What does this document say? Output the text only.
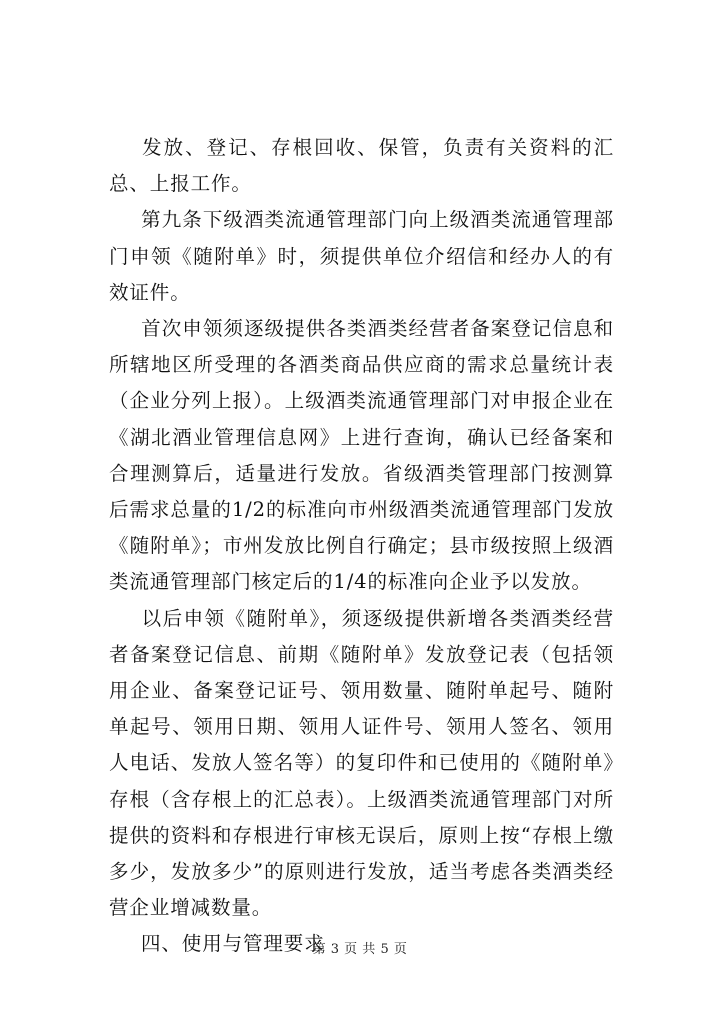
发放、登记、存根回收、保管，负责有关资料的汇总、上报工作。

第九条下级酒类流通管理部门向上级酒类流通管理部门申领《随附单》时，须提供单位介绍信和经办人的有效证件。

首次申领须逐级提供各类酒类经营者备案登记信息和所辖地区所受理的各酒类商品供应商的需求总量统计表（企业分列上报）。上级酒类流通管理部门对申报企业在《湖北酒业管理信息网》上进行查询，确认已经备案和合理测算后，适量进行发放。省级酒类管理部门按测算后需求总量的1/2的标准向市州级酒类流通管理部门发放《随附单》；市州发放比例自行确定；县市级按照上级酒类流通管理部门核定后的1/4的标准向企业予以发放。

以后申领《随附单》，须逐级提供新增各类酒类经营者备案登记信息、前期《随附单》发放登记表（包括领用企业、备案登记证号、领用数量、随附单起号、随附单起号、领用日期、领用人证件号、领用人签名、领用人电话、发放人签名等）的复印件和已使用的《随附单》存根（含存根上的汇总表）。上级酒类流通管理部门对所提供的资料和存根进行审核无误后，原则上按“存根上缴多少，发放多少”的原则进行发放，适当考虑各类酒类经营企业增减数量。

四、使用与管理要求

第 3 页 共 5 页
